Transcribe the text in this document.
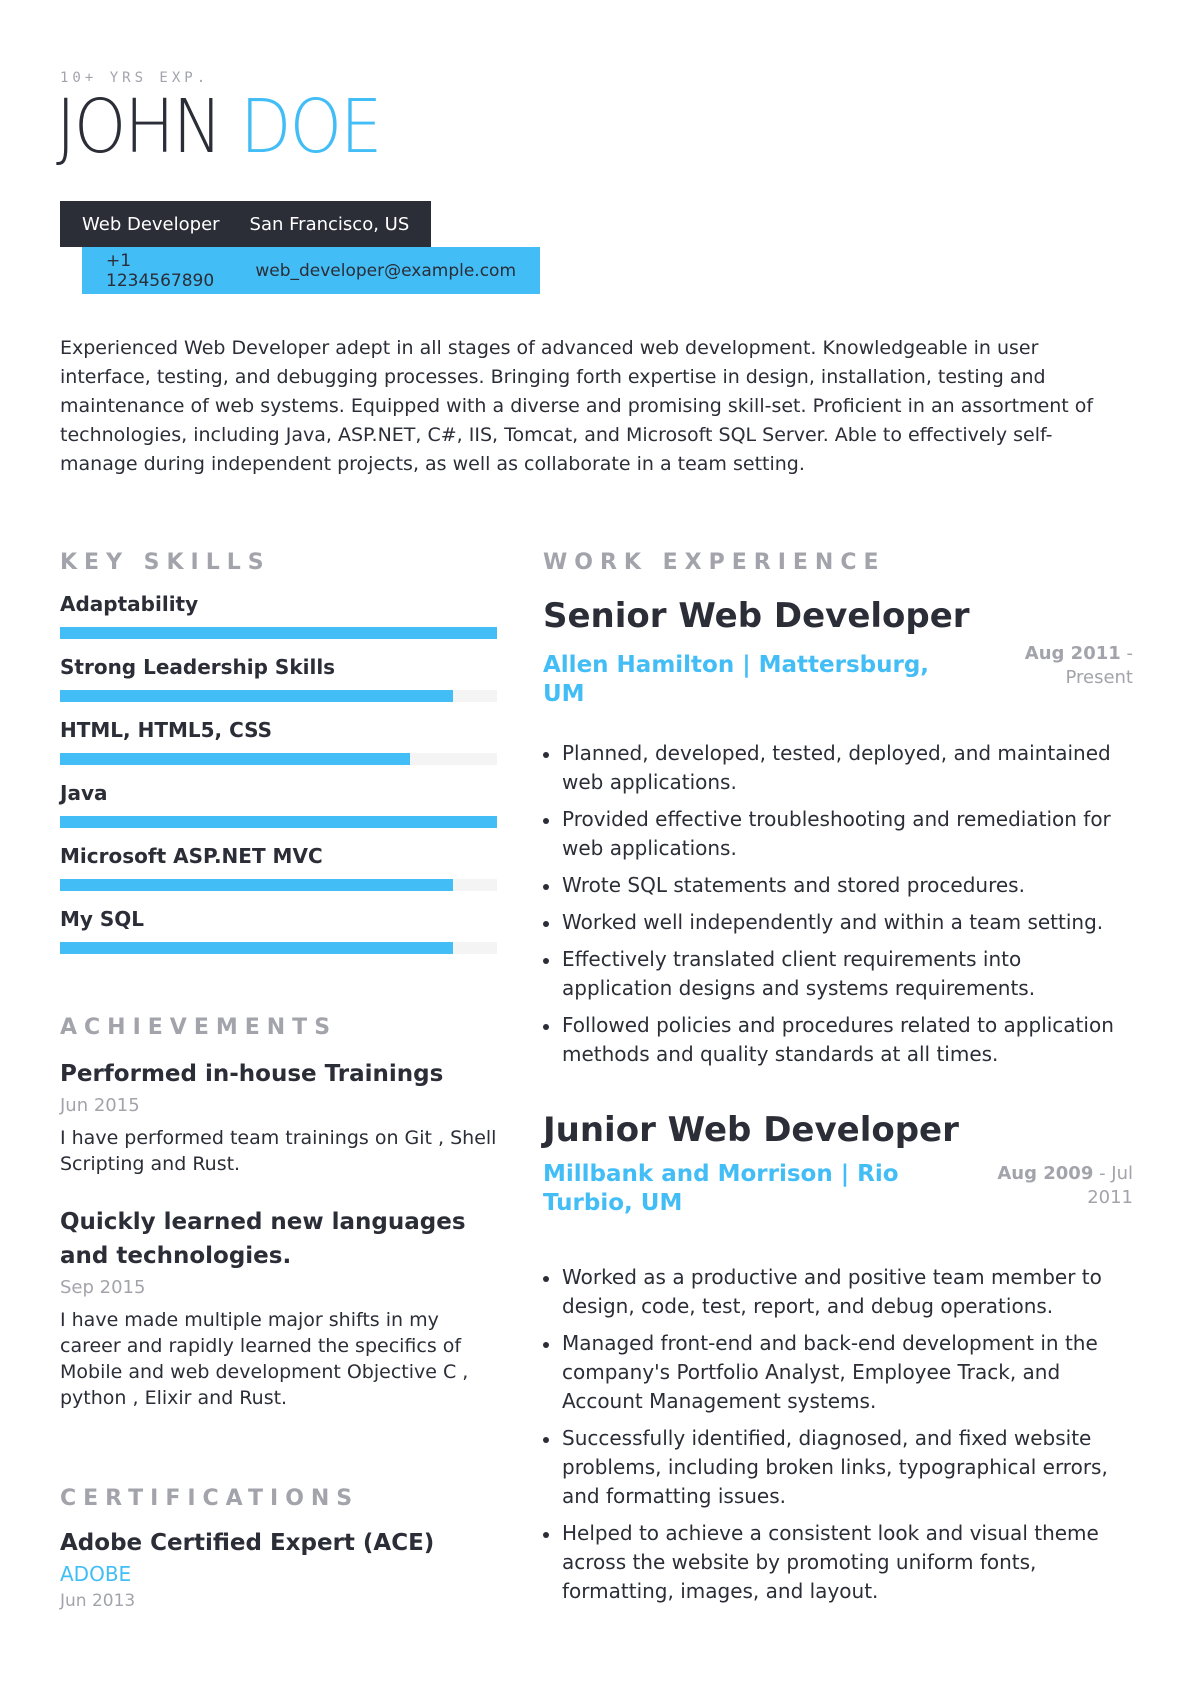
10+ YRS EXP.
JOHN DOE
Web Developer San Francisco, US
+1 1234567890	web_developer@example.com

Experienced Web Developer adept in all stages of advanced web development. Knowledgeable in user interface, testing, and debugging processes. Bringing forth expertise in design, installation, testing and maintenance of web systems. Equipped with a diverse and promising skill-set. Proficient in an assortment of technologies, including Java, ASP.NET, C#, IIS, Tomcat, and Microsoft SQL Server. Able to effectively self-manage during independent projects, as well as collaborate in a team setting.

KEY SKILLS
Adaptability
Strong Leadership Skills
HTML, HTML5, CSS
Java
Microsoft ASP.NET MVC
My SQL
ACHIEVEMENTS
Performed in-house Trainings
Jun 2015
I have performed team trainings on Git , Shell Scripting and Rust.
Quickly learned new languages and technologies.
Sep 2015
I have made multiple major shifts in my career and rapidly learned the specifics of Mobile and web development Objective C , python , Elixir and Rust.
CERTIFICATIONS
Adobe Certified Expert (ACE)
ADOBE
Jun 2013
WORK EXPERIENCE
Senior Web Developer
Allen Hamilton | Mattersburg, UM
Aug 2011 -
Present
Planned, developed, tested, deployed, and maintained web applications.
Provided effective troubleshooting and remediation for web applications.
Wrote SQL statements and stored procedures.
Worked well independently and within a team setting.
Effectively translated client requirements into application designs and systems requirements.
Followed policies and procedures related to application methods and quality standards at all times.
Junior Web Developer
Millbank and Morrison | Rio Turbio, UM
Aug 2009 - Jul
2011
Worked as a productive and positive team member to design, code, test, report, and debug operations.
Managed front-end and back-end development in the company's Portfolio Analyst, Employee Track, and Account Management systems.
Successfully identified, diagnosed, and fixed website problems, including broken links, typographical errors, and formatting issues.
Helped to achieve a consistent look and visual theme across the website by promoting uniform fonts, formatting, images, and layout.
